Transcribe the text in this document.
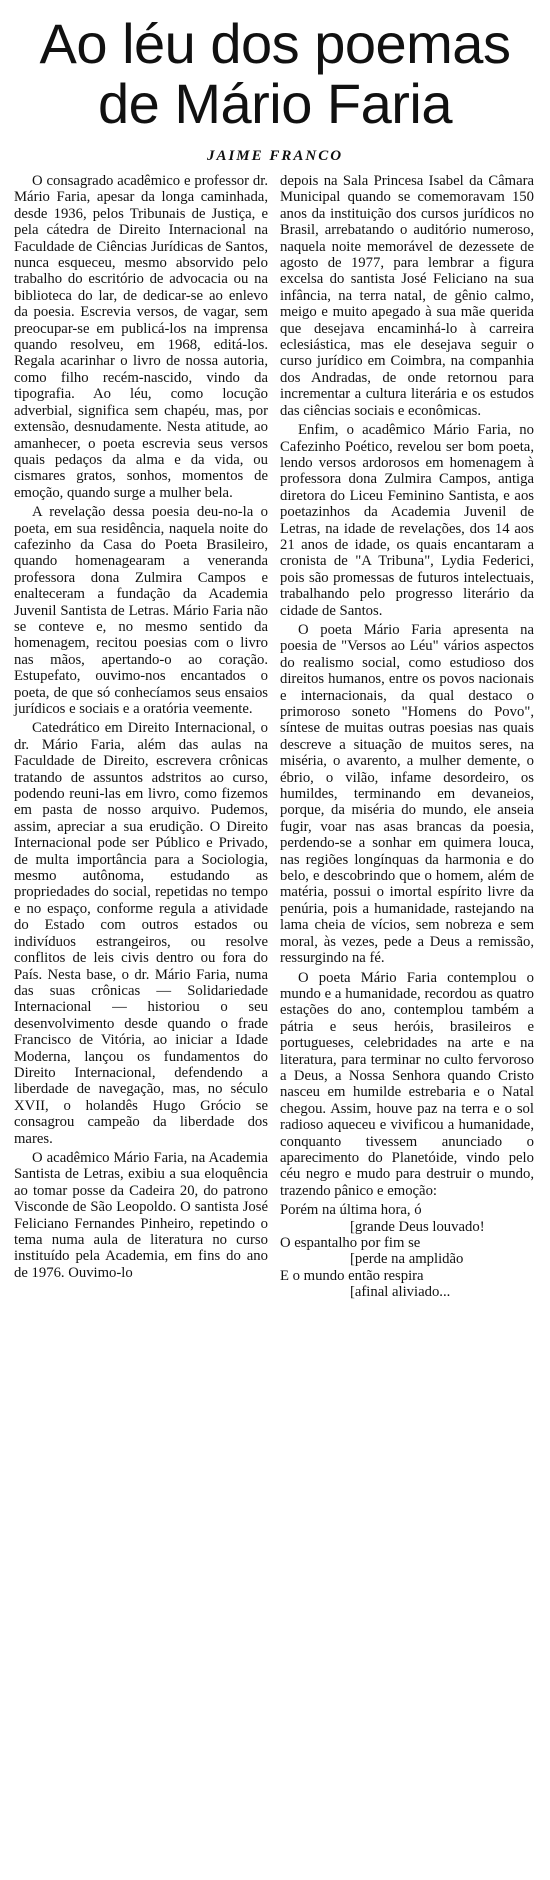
Ao léu dos poemas
de Mário Faria
JAIME FRANCO

O consagrado acadêmico e professor dr. Mário Faria, apesar da longa caminhada, desde 1936, pelos Tribunais de Justiça, e pela cátedra de Direito Internacional na Faculdade de Ciências Jurídicas de Santos, nunca esqueceu, mesmo absorvido pelo trabalho do escritório de advocacia ou na biblioteca do lar, de dedicar-se ao enlevo da poesia. Escrevia versos, de vagar, sem preocupar-se em publicá-los na imprensa quando resolveu, em 1968, editá-los. Regala acarinhar o livro de nossa autoria, como filho recém-nascido, vindo da tipografia. Ao léu, como locução adverbial, significa sem chapéu, mas, por extensão, desnudamente. Nesta atitude, ao amanhecer, o poeta escrevia seus versos quais pedaços da alma e da vida, ou cismares gratos, sonhos, momentos de emoção, quando surge a mulher bela.

A revelação dessa poesia deu-no-la o poeta, em sua residência, naquela noite do cafezinho da Casa do Poeta Brasileiro, quando homenagearam a veneranda professora dona Zulmira Campos e enalteceram a fundação da Academia Juvenil Santista de Letras. Mário Faria não se conteve e, no mesmo sentido da homenagem, recitou poesias com o livro nas mãos, apertando-o ao coração. Estupefato, ouvimo-nos encantados o poeta, de que só conhecíamos seus ensaios jurídicos e sociais e a oratória veemente.

Catedrático em Direito Internacional, o dr. Mário Faria, além das aulas na Faculdade de Direito, escrevera crônicas tratando de assuntos adstritos ao curso, podendo reuni-las em livro, como fizemos em pasta de nosso arquivo. Pudemos, assim, apreciar a sua erudição. O Direito Internacional pode ser Público e Privado, de multa importância para a Sociologia, mesmo autônoma, estudando as propriedades do social, repetidas no tempo e no espaço, conforme regula a atividade do Estado com outros estados ou indivíduos estrangeiros, ou resolve conflitos de leis civis dentro ou fora do País. Nesta base, o dr. Mário Faria, numa das suas crônicas — Solidariedade Internacional — historiou o seu desenvolvimento desde quando o frade Francisco de Vitória, ao iniciar a Idade Moderna, lançou os fundamentos do Direito Internacional, defendendo a liberdade de navegação, mas, no século XVII, o holandês Hugo Grócio se consagrou campeão da liberdade dos mares.

O acadêmico Mário Faria, na Academia Santista de Letras, exibiu a sua eloquência ao tomar posse da Cadeira 20, do patrono Visconde de São Leopoldo. O santista José Feliciano Fernandes Pinheiro, repetindo o tema numa aula de literatura no curso instituído pela Academia, em fins do ano de 1976. Ouvimo-lo

depois na Sala Princesa Isabel da Câmara Municipal quando se comemoravam 150 anos da instituição dos cursos jurídicos no Brasil, arrebatando o auditório numeroso, naquela noite memorável de dezessete de agosto de 1977, para lembrar a figura excelsa do santista José Feliciano na sua infância, na terra natal, de gênio calmo, meigo e muito apegado à sua mãe querida que desejava encaminhá-lo à carreira eclesiástica, mas ele desejava seguir o curso jurídico em Coimbra, na companhia dos Andradas, de onde retornou para incrementar a cultura literária e os estudos das ciências sociais e econômicas.

Enfim, o acadêmico Mário Faria, no Cafezinho Poético, revelou ser bom poeta, lendo versos ardorosos em homenagem à professora dona Zulmira Campos, antiga diretora do Liceu Feminino Santista, e aos poetazinhos da Academia Juvenil de Letras, na idade de revelações, dos 14 aos 21 anos de idade, os quais encantaram a cronista de "A Tribuna", Lydia Federici, pois são promessas de futuros intelectuais, trabalhando pelo progresso literário da cidade de Santos.

O poeta Mário Faria apresenta na poesia de "Versos ao Léu" vários aspectos do realismo social, como estudioso dos direitos humanos, entre os povos nacionais e internacionais, da qual destaco o primoroso soneto "Homens do Povo", síntese de muitas outras poesias nas quais descreve a situação de muitos seres, na miséria, o avarento, a mulher demente, o ébrio, o vilão, infame desordeiro, os humildes, terminando em devaneios, porque, da miséria do mundo, ele anseia fugir, voar nas asas brancas da poesia, perdendo-se a sonhar em quimera louca, nas regiões longínquas da harmonia e do belo, e descobrindo que o homem, além de matéria, possui o imortal espírito livre da penúria, pois a humanidade, rastejando na lama cheia de vícios, sem nobreza e sem moral, às vezes, pede a Deus a remissão, ressurgindo na fé.

O poeta Mário Faria contemplou o mundo e a humanidade, recordou as quatro estações do ano, contemplou também a pátria e seus heróis, brasileiros e portugueses, celebridades na arte e na literatura, para terminar no culto fervoroso a Deus, a Nossa Senhora quando Cristo nasceu em humilde estrebaria e o Natal chegou. Assim, houve paz na terra e o sol radioso aqueceu e vivificou a humanidade, conquanto tivessem anunciado o aparecimento do Planetóide, vindo pelo céu negro e mudo para destruir o mundo, trazendo pânico e emoção:

Porém na última hora, ó

[grande Deus louvado!

O espantalho por fim se

[perde na amplidão

E o mundo então respira

[afinal aliviado...
